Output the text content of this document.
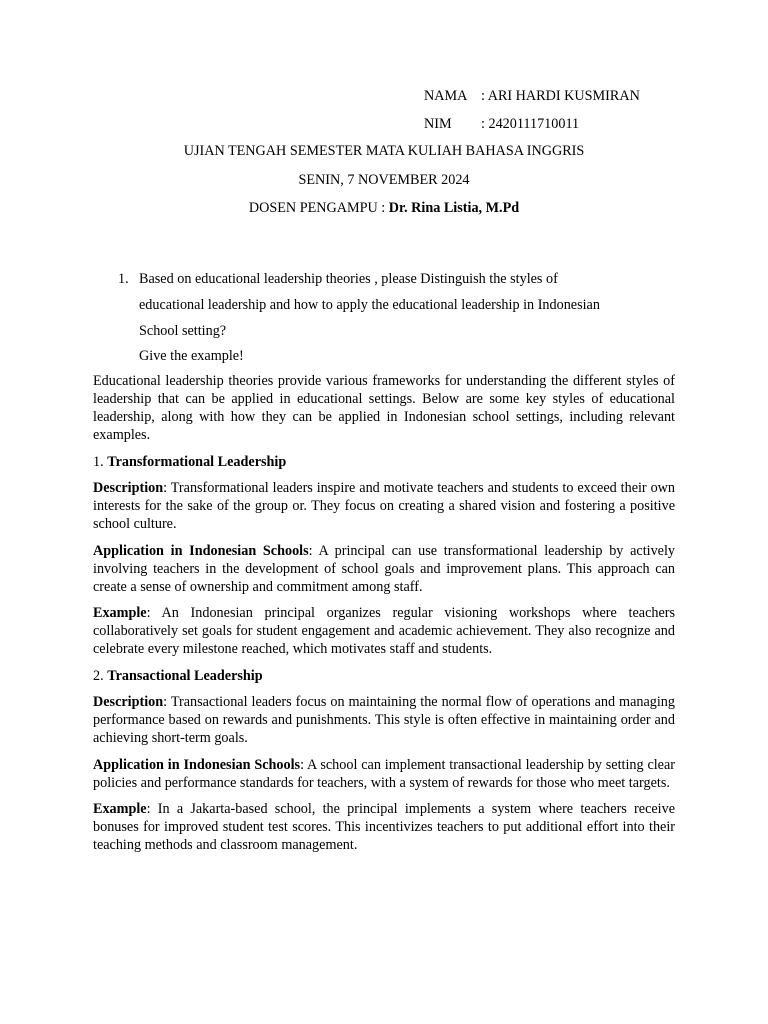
NAMA : ARI HARDI KUSMIRAN
NIM : 2420111710011
UJIAN TENGAH SEMESTER MATA KULIAH BAHASA INGGRIS
SENIN, 7 NOVEMBER 2024
DOSEN PENGAMPU : Dr. Rina Listia, M.Pd
1. Based on educational leadership theories , please Distinguish the styles of
educational leadership and how to apply the educational leadership in Indonesian
School setting?
Give the example!

Educational leadership theories provide various frameworks for understanding the different styles of leadership that can be applied in educational settings. Below are some key styles of educational leadership, along with how they can be applied in Indonesian school settings, including relevant examples.

1. Transformational Leadership

Description: Transformational leaders inspire and motivate teachers and students to exceed their own interests for the sake of the group or. They focus on creating a shared vision and fostering a positive school culture.

Application in Indonesian Schools: A principal can use transformational leadership by actively involving teachers in the development of school goals and improvement plans. This approach can create a sense of ownership and commitment among staff.

Example: An Indonesian principal organizes regular visioning workshops where teachers collaboratively set goals for student engagement and academic achievement. They also recognize and celebrate every milestone reached, which motivates staff and students.

2. Transactional Leadership

Description: Transactional leaders focus on maintaining the normal flow of operations and managing performance based on rewards and punishments. This style is often effective in maintaining order and achieving short-term goals.

Application in Indonesian Schools: A school can implement transactional leadership by setting clear policies and performance standards for teachers, with a system of rewards for those who meet targets.

Example: In a Jakarta-based school, the principal implements a system where teachers receive bonuses for improved student test scores. This incentivizes teachers to put additional effort into their teaching methods and classroom management.
